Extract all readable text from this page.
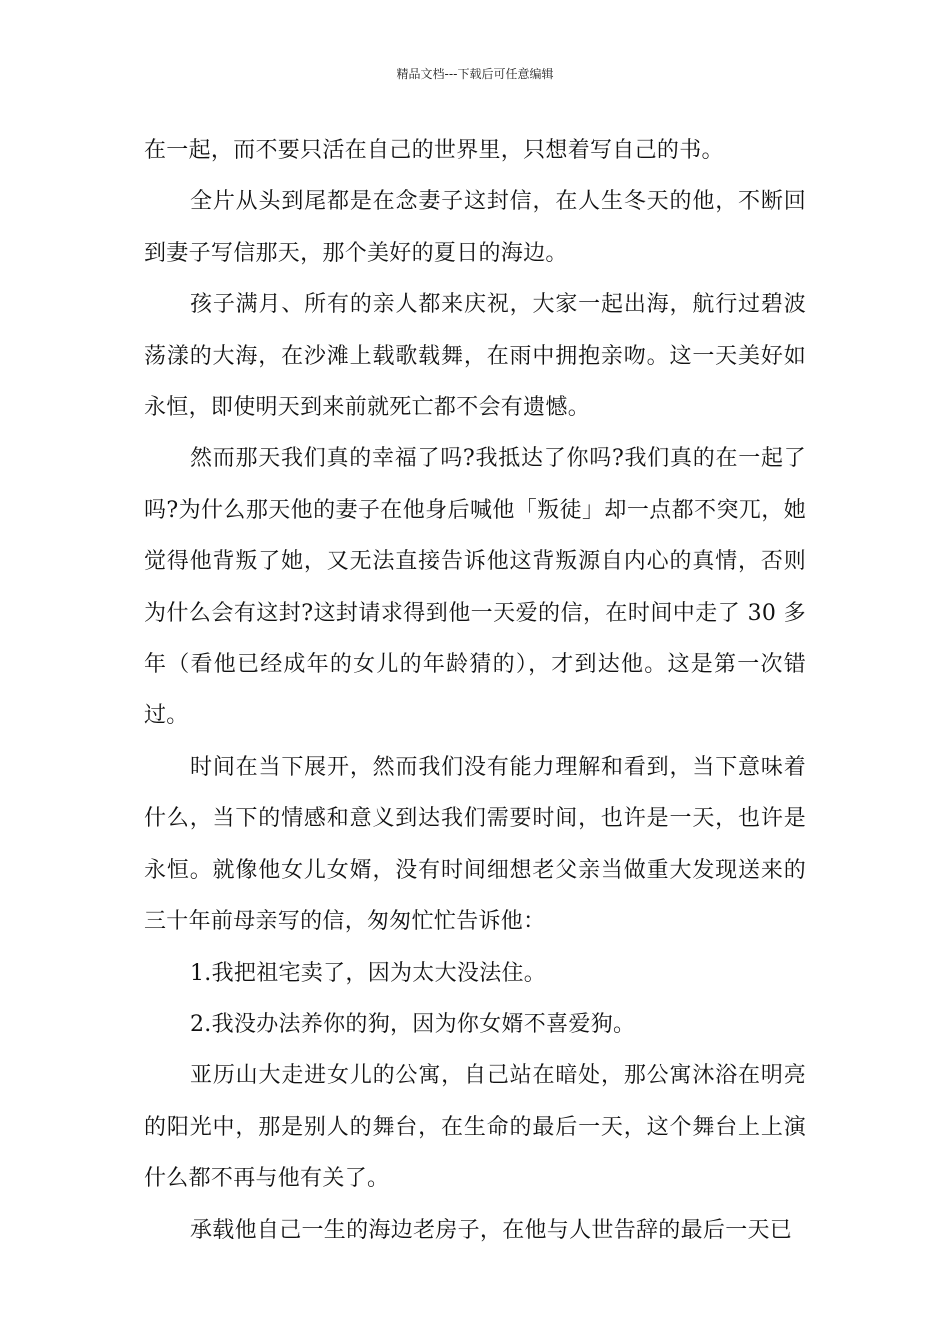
精品文档---下载后可任意编辑

在一起，而不要只活在自己的世界里，只想着写自己的书。

全片从头到尾都是在念妻子这封信，在人生冬天的他，不断回到妻子写信那天，那个美好的夏日的海边。

孩子满月、所有的亲人都来庆祝，大家一起出海，航行过碧波荡漾的大海，在沙滩上载歌载舞，在雨中拥抱亲吻。这一天美好如永恒，即使明天到来前就死亡都不会有遗憾。

然而那天我们真的幸福了吗?我抵达了你吗?我们真的在一起了吗?为什么那天他的妻子在他身后喊他「叛徒」却一点都不突兀，她觉得他背叛了她，又无法直接告诉他这背叛源自内心的真情，否则为什么会有这封?这封请求得到他一天爱的信，在时间中走了 30 多年（看他已经成年的女儿的年龄猜的），才到达他。这是第一次错过。

时间在当下展开，然而我们没有能力理解和看到，当下意味着什么，当下的情感和意义到达我们需要时间，也许是一天，也许是永恒。就像他女儿女婿，没有时间细想老父亲当做重大发现送来的三十年前母亲写的信，匆匆忙忙告诉他：

1.我把祖宅卖了，因为太大没法住。

2.我没办法养你的狗，因为你女婿不喜爱狗。

亚历山大走进女儿的公寓，自己站在暗处，那公寓沐浴在明亮的阳光中，那是别人的舞台，在生命的最后一天，这个舞台上上演什么都不再与他有关了。

承载他自己一生的海边老房子，在他与人世告辞的最后一天已
